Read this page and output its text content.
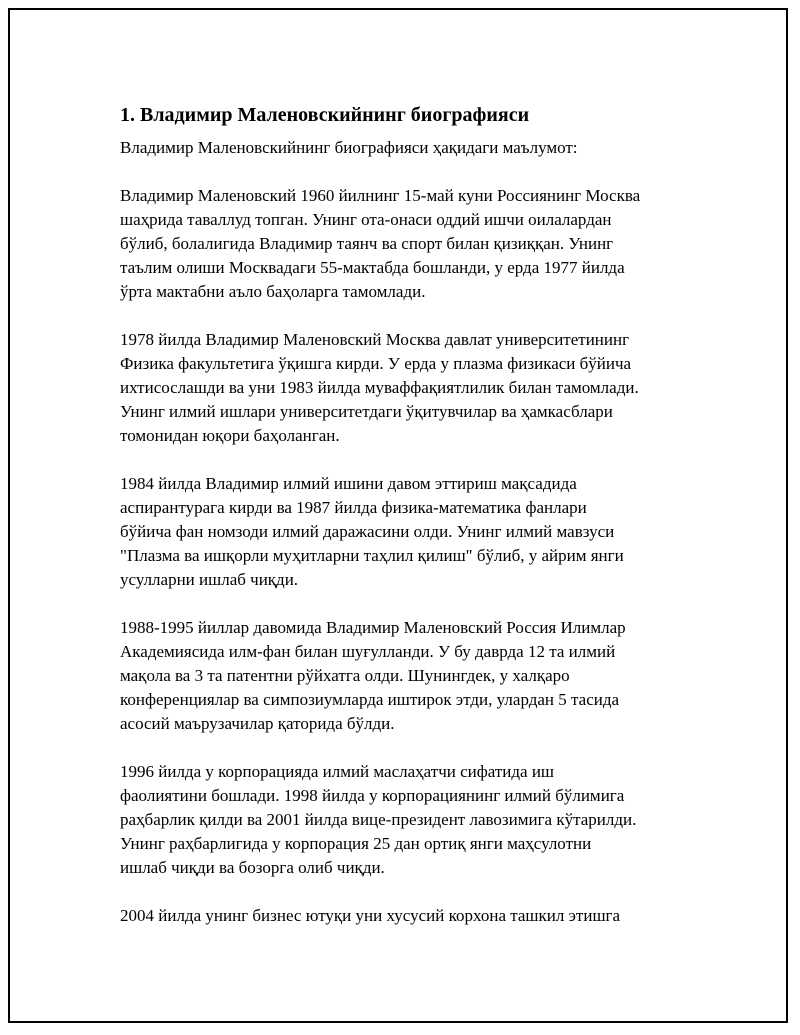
1. Владимир Маленовскийнинг биографияси
Владимир Маленовскийнинг биографияси ҳақидаги маълумот:
Владимир Маленовский 1960 йилнинг 15-май куни Россиянинг Москва
шаҳрида таваллуд топган. Унинг ота-онаси оддий ишчи оилалардан
бўлиб, болалигида Владимир таянч ва спорт билан қизиққан. Унинг
таълим олиши Москвадаги 55-мактабда бошланди, у ерда 1977 йилда
ўрта мактабни аъло баҳоларга тамомлади.
1978 йилда Владимир Маленовский Москва давлат университетининг
Физика факультетига ўқишга кирди. У ерда у плазма физикаси бўйича
ихтисослашди ва уни 1983 йилда муваффақиятлилик билан тамомлади.
Унинг илмий ишлари университетдаги ўқитувчилар ва ҳамкасблари
томонидан юқори баҳоланган.
1984 йилда Владимир илмий ишини давом эттириш мақсадида
аспирантурага кирди ва 1987 йилда физика-математика фанлари
бўйича фан номзоди илмий даражасини олди. Унинг илмий мавзуси
"Плазма ва ишқорли муҳитларни таҳлил қилиш" бўлиб, у айрим янги
усулларни ишлаб чиқди.
1988-1995 йиллар давомида Владимир Маленовский Россия Илимлар
Академиясида илм-фан билан шуғулланди. У бу даврда 12 та илмий
мақола ва 3 та патентни рўйхатга олди. Шунингдек, у халқаро
конференциялар ва симпозиумларда иштирок этди, улардан 5 тасида
асосий маърузачилар қаторида бўлди.
1996 йилда у корпорацияда илмий маслаҳатчи сифатида иш
фаолиятини бошлади. 1998 йилда у корпорациянинг илмий бўлимига
раҳбарлик қилди ва 2001 йилда вице-президент лавозимига кўтарилди.
Унинг раҳбарлигида у корпорация 25 дан ортиқ янги маҳсулотни
ишлаб чиқди ва бозорга олиб чиқди.
2004 йилда унинг бизнес ютуқи уни хусусий корхона ташкил этишга
